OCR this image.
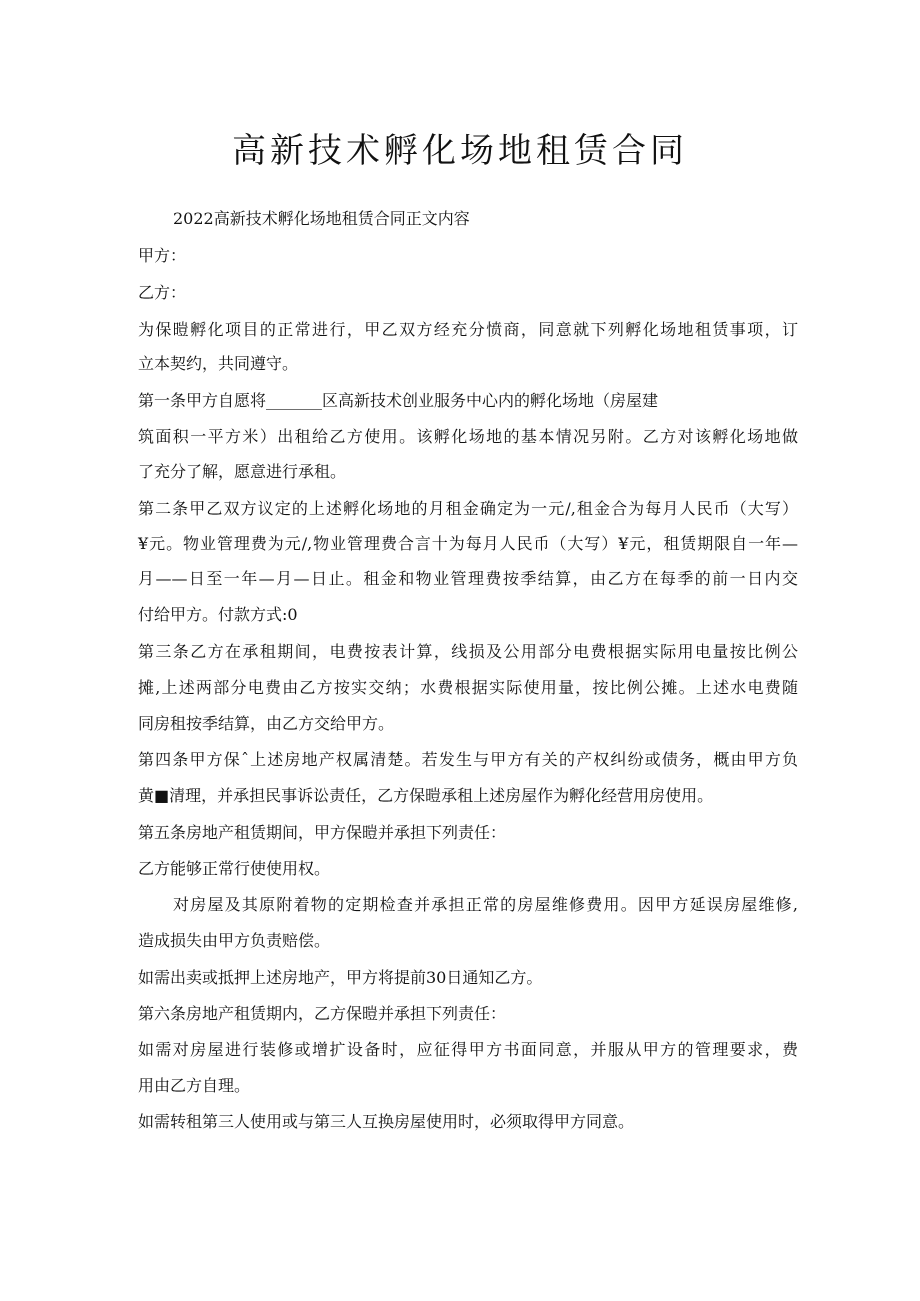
高新技术孵化场地租赁合同
2022高新技术孵化场地租赁合同正文内容
甲方：
乙方：
为保暟孵化项目的正常进行，甲乙双方经充分愤商，同意就下列孵化场地租赁事项，订
立本契约，共同遵守。
第一条甲方自愿将_______区高新技术创业服务中心内的孵化场地（房屋建
筑面积一平方米）出租给乙方使用。该孵化场地的基本情况另附。乙方对该孵化场地做
了充分了解，愿意进行承租。
第二条甲乙双方议定的上述孵化场地的月租金确定为一元/,租金合为每月人民币（大写）
¥元。物业管理费为元/,物业管理费合言十为每月人民币（大写）¥元，租赁期限自一年—
月——日至一年—月—日止。租金和物业管理费按季结算，由乙方在每季的前一日内交
付给甲方。付款方式:0
第三条乙方在承租期间，电费按表计算，线损及公用部分电费根据实际用电量按比例公
摊,上述两部分电费由乙方按实交纳；水费根据实际使用量，按比例公摊。上述水电费随
同房租按季结算，由乙方交给甲方。
第四条甲方保ˆ上述房地产权属清楚。若发生与甲方有关的产权纠纷或债务，概由甲方负
黄■清理，并承担民事诉讼责任，乙方保暟承租上述房屋作为孵化经营用房使用。
第五条房地产租赁期间，甲方保暟并承担下列责任：
乙方能够正常行使使用权。
对房屋及其原附着物的定期检查并承担正常的房屋维修费用。因甲方延误房屋维修,
造成损失由甲方负责赔偿。
如需出卖或抵押上述房地产，甲方将提前30日通知乙方。
第六条房地产租赁期内，乙方保暟并承担下列责任：
如需对房屋进行装修或增扩设备时，应征得甲方书面同意，并服从甲方的管理要求，费
用由乙方自理。
如需转租第三人使用或与第三人互换房屋使用时，必须取得甲方同意。
